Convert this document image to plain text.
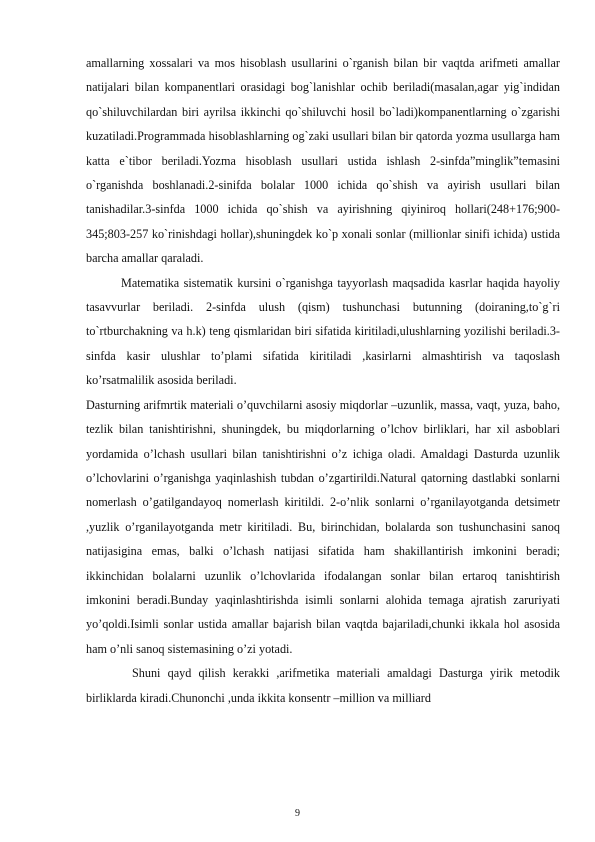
amallarning xossalari va mos hisoblash usullarini o`rganish bilan bir vaqtda arifmeti amallar natijalari bilan kompanentlari orasidagi bog`lanishlar ochib beriladi(masalan,agar yig`indidan qo`shiluvchilardan biri ayrilsa ikkinchi qo`shiluvchi hosil bo`ladi)kompanentlarning o`zgarishi kuzatiladi.Programmada hisoblashlarning og`zaki usullari bilan bir qatorda yozma usullarga ham katta e`tibor beriladi.Yozma hisoblash usullari ustida ishlash 2-sinfda”minglik”temasini o`rganishda boshlanadi.2-sinifda bolalar 1000 ichida qo`shish va ayirish usullari bilan tanishadilar.3-sinfda 1000 ichida qo`shish va ayirishning qiyiniroq hollari(248+176;900-345;803-257 ko`rinishdagi hollar),shuningdek ko`p xonali sonlar (millionlar sinifi ichida) ustida barcha amallar qaraladi.

Matematika sistematik kursini o`rganishga tayyorlash maqsadida kasrlar haqida hayoliy tasavvurlar beriladi. 2-sinfda ulush (qism) tushunchasi butunning (doiraning,to`g`ri to`rtburchakning va h.k) teng qismlaridan biri sifatida kiritiladi,ulushlarning yozilishi beriladi.3-sinfda kasir ulushlar to’plami sifatida kiritiladi ,kasirlarni almashtirish va taqoslash ko’rsatmalilik asosida beriladi.

Dasturning arifmrtik materiali o’quvchilarni asosiy miqdorlar –uzunlik, massa, vaqt, yuza, baho, tezlik bilan tanishtirishni, shuningdek, bu miqdorlarning o’lchov birliklari, har xil asboblari yordamida o’lchash usullari bilan tanishtirishni o’z ichiga oladi. Amaldagi Dasturda uzunlik o’lchovlarini o’rganishga yaqinlashish tubdan o’zgartirildi.Natural qatorning dastlabki sonlarni nomerlash o’gatilgandayoq nomerlash kiritildi. 2-o’nlik sonlarni o’rganilayotganda detsimetr ,yuzlik o’rganilayotganda metr kiritiladi. Bu, birinchidan, bolalarda son tushunchasini sanoq natijasigina emas, balki o’lchash natijasi sifatida ham shakillantirish imkonini beradi; ikkinchidan bolalarni uzunlik o’lchovlarida ifodalangan sonlar bilan ertaroq tanishtirish imkonini beradi.Bunday yaqinlashtirishda isimli sonlarni alohida temaga ajratish zaruriyati yo’qoldi.Isimli sonlar ustida amallar bajarish bilan vaqtda bajariladi,chunki ikkala hol asosida ham o’nli sanoq sistemasining o’zi yotadi.

Shuni qayd qilish kerakki ,arifmetika materiali amaldagi Dasturga yirik metodik birliklarda kiradi.Chunonchi ,unda ikkita konsentr –million va milliard

9
